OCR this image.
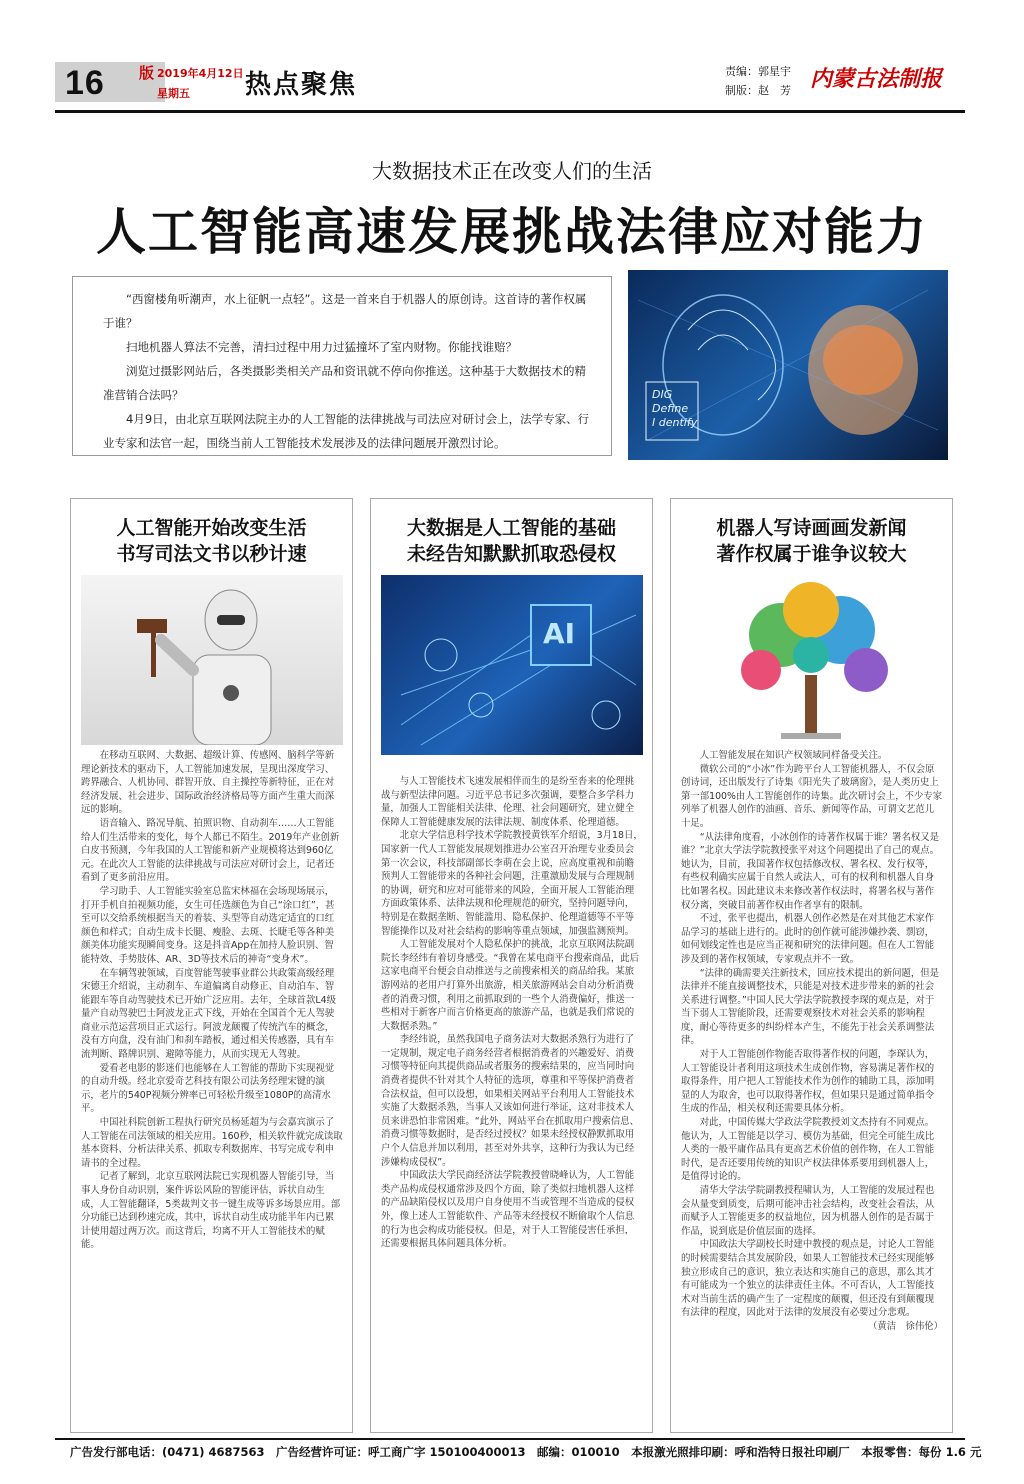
16 版 2019年4月12日
星期五	热点聚焦	责编：郭星宇
制版：赵　芳 内蒙古法制报
大数据技术正在改变人们的生活
人工智能高速发展挑战法律应对能力

“西窗楼角听潮声，水上征帆一点轻”。这是一首来自于机器人的原创诗。这首诗的著作权属于谁？

扫地机器人算法不完善，清扫过程中用力过猛撞坏了室内财物。你能找谁赔？

浏览过摄影网站后，各类摄影类相关产品和资讯就不停向你推送。这种基于大数据技术的精准营销合法吗？

4月9日，由北京互联网法院主办的人工智能的法律挑战与司法应对研讨会上，法学专家、行业专家和法官一起，围绕当前人工智能技术发展涉及的法律问题展开激烈讨论。

DIG
Define
I dentify
人工智能开始改变生活
书写司法文书以秒计速

在移动互联网、大数据、超级计算、传感网、脑科学等新理论新技术的驱动下，人工智能加速发展，呈现出深度学习、跨界融合、人机协同、群智开放、自主操控等新特征，正在对经济发展、社会进步、国际政治经济格局等方面产生重大而深远的影响。

语音输入、路况导航、拍照识物、自动刹车……人工智能给人们生活带来的变化，每个人都已不陌生。2019年产业创新白皮书预测，今年我国的人工智能和新产业规模将达到960亿元。在此次人工智能的法律挑战与司法应对研讨会上，记者还看到了更多前沿应用。

学习助手、人工智能实验室总监宋林福在会场现场展示，打开手机自拍视频功能，女生可任选颜色为自己“涂口红”，甚至可以交给系统根据当天的着装、头型等自动选定适宜的口红颜色和样式；自动生成卡长腿、瘦脸、去斑、长睫毛等各种美颜美体功能实现瞬间变身。这是抖音App在加持人脸识别、智能特效、手势肢体、AR、3D等技术后的神奇“变身术”。

在车辆驾驶领域，百度智能驾驶事业群公共政策高级经理宋德王介绍说，主动刹车、车道偏离自动修正、自动泊车、智能跟车等自动驾驶技术已开始广泛应用。去年，全球首款L4级量产自动驾驶巴士阿波龙正式下线，开始在全国首个无人驾驶商业示范运营项目正式运行。阿波龙颠覆了传统汽车的概念，没有方向盘，没有油门和刹车踏板，通过相关传感器，具有车流判断、路牌识别、避障等能力，从而实现无人驾驶。

爱看老电影的影迷们也能够在人工智能的帮助下实现视觉的自动升级。经北京爱奇艺科技有限公司法务经理宋键的演示，老片的540P视频分辨率已可轻松升级至1080P的高清水平。

中国社科院创新工程执行研究员杨延超为与会嘉宾演示了人工智能在司法领域的相关应用。160秒，相关软件就完成读取基本资料、分析法律关系、抓取专利数据库、书写完成专利申请书的全过程。

记者了解到，北京互联网法院已实现机器人智能引导，当事人身份自动识别，案件诉讼风险的智能评估，诉状自动生成，人工智能翻译，5类裁判文书一键生成等诉多场景应用。部分功能已达到秒速完成，其中，诉状自动生成功能半年内已累计使用超过两万次。而这背后，均离不开人工智能技术的赋能。

大数据是人工智能的基础
未经告知默默抓取恐侵权
AI

与人工智能技术飞速发展相伴而生的是纷至沓来的伦理挑战与新型法律问题。习近平总书记多次强调，要整合多学科力量，加强人工智能相关法律、伦理、社会问题研究，建立健全保障人工智能健康发展的法律法规、制度体系、伦理道德。

北京大学信息科学技术学院教授黄铁军介绍说，3月18日，国家新一代人工智能发展规划推进办公室召开治理专业委员会第一次会议，科技部副部长李萌在会上说，应高度重视和前瞻预判人工智能带来的各种社会问题，注重激励发展与合理规制的协调，研究和应对可能带来的风险，全面开展人工智能治理方面政策体系、法律法规和伦理规范的研究，坚持问题导向，特别是在数据垄断、智能滥用、隐私保护、伦理道德等不平等智能操作以及对社会结构的影响等重点领域，加强监测预判。

人工智能发展对个人隐私保护的挑战，北京互联网法院副院长李经纬有着切身感受。“我曾在某电商平台搜索商品，此后这家电商平台便会自动推送与之前搜索相关的商品给我。某旅游网站的老用户打算外出旅游，相关旅游网站会自动分析消费者的消费习惯，利用之前抓取到的一些个人消费偏好，推送一些相对于新客户而言价格更高的旅游产品，也就是我们常说的大数据杀熟。”

李经纬说，虽然我国电子商务法对大数据杀熟行为进行了一定规制，规定电子商务经营者根据消费者的兴趣爱好、消费习惯等特征向其提供商品或者服务的搜索结果的，应当同时向消费者提供不针对其个人特征的选项，尊重和平等保护消费者合法权益，但可以设想，如果相关网站平台利用人工智能技术实施了大数据杀熟，当事人又该如何进行举证，这对非技术人员来讲恐怕非常困难。“此外，网站平台在抓取用户搜索信息、消费习惯等数据时，是否经过授权？如果未经授权静默抓取用户个人信息并加以利用，甚至对外共享，这种行为我认为已经涉嫌构成侵权”。

中国政法大学民商经济法学院教授曾晓峰认为，人工智能类产品构成侵权通常涉及四个方面，除了类似扫地机器人这样的产品缺陷侵权以及用户自身使用不当或管理不当造成的侵权外，像上述人工智能软件、产品等未经授权不断偷取个人信息的行为也会构成功能侵权。但是，对于人工智能侵害任承担，还需要根据具体问题具体分析。

机器人写诗画画发新闻
著作权属于谁争议较大

人工智能发展在知识产权领域同样备受关注。

微软公司的“小冰”作为跨平台人工智能机器人，不仅会原创诗词，还出版发行了诗集《阳光失了玻璃窗》，是人类历史上第一部100%由人工智能创作的诗集。此次研讨会上，不少专家列举了机器人创作的油画、音乐、新闻等作品，可谓文艺范儿十足。

“从法律角度看，小冰创作的诗著作权属于谁？署名权又是谁？”北京大学法学院教授张平对这个问题提出了自己的观点。她认为，目前，我国著作权包括修改权、署名权、发行权等，有些权利确实应属于自然人或法人，可有的权利和机器人自身比如署名权。因此建议未来修改著作权法时，将署名权与著作权分离，突破目前著作权由作者享有的限制。

不过，张平也提出，机器人创作必然是在对其他艺术家作品学习的基础上进行的。此时的创作就可能涉嫌抄袭、剽窃，如何划线定性也是应当正视和研究的法律问题。但在人工智能涉及到的著作权领域，专家观点并不一致。

“法律的确需要关注新技术，回应技术提出的新问题，但是法律并不能直接调整技术，只能是对技术进步带来的新的社会关系进行调整。”中国人民大学法学院教授李琛的观点是，对于当下弱人工智能阶段，还需要观察技术对社会关系的影响程度，耐心等待更多的纠纷样本产生，不能先于社会关系调整法律。

对于人工智能创作物能否取得著作权的问题，李琛认为，人工智能设计者利用这项技术生成创作物，容易满足著作权的取得条件，用户把人工智能技术作为创作的辅助工具，添加明显的人为取舍，也可以取得著作权，但如果只是通过简单指令生成的作品，相关权利还需要具体分析。

对此，中国传媒大学政法学院教授刘文杰持有不同观点。他认为，人工智能是以学习、模仿为基础，但完全可能生成比人类的一般平庸作品具有更高艺术价值的创作物，在人工智能时代，是否还要用传统的知识产权法律体系要用到机器人上，是值得讨论的。

清华大学法学院副教授程啸认为，人工智能的发展过程也会从量变到质变，后期可能冲击社会结构，改变社会看法，从而赋予人工智能更多的权益地位，因为机器人创作的是否属于作品，说到底是价值层面的选择。

中国政法大学副校长时建中教授的观点是，讨论人工智能的时候需要结合其发展阶段，如果人工智能技术已经实现能够独立形成自己的意识，独立表达和实施自己的意思，那么其才有可能成为一个独立的法律责任主体。不可否认，人工智能技术对当前生活的确产生了一定程度的颠覆，但还没有到颠覆现有法律的程度，因此对于法律的发展没有必要过分悲观。

（黄洁　徐伟伦）

广告发行部电话：(0471) 4687563　广告经营许可证：呼工商广字 150100400013　邮编：010010　本报激光照排印刷：呼和浩特日报社印刷厂　本报零售：每份 1.6 元
